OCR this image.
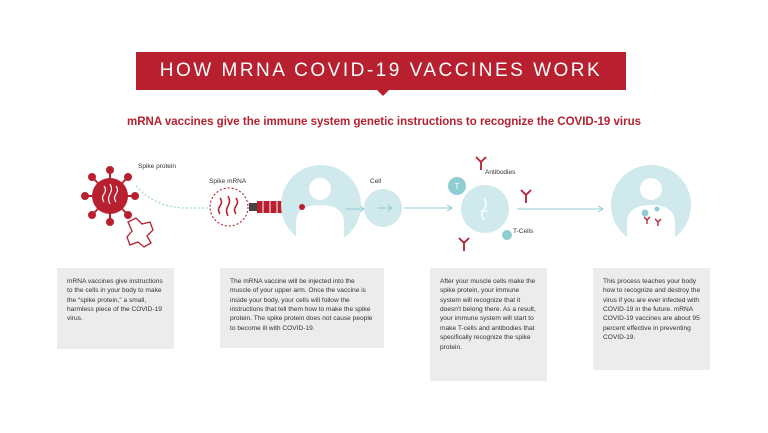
HOW MRNA COVID-19 VACCINES WORK
mRNA vaccines give the immune system genetic instructions to recognize the COVID-19 virus
T
Spike protein
Spike mRNA	Cell
Antibodies
T-Cells
mRNA vaccines give instructions to the cells in your body to make the “spike protein,” a small, harmless piece of the COVID-19 virus.
The mRNA vaccine will be injected into the muscle of your upper arm. Once the vaccine is inside your body, your cells will follow the instructions that tell them how to make the spike protein. The spike protein does not cause people to become ill with COVID-19.
After your muscle cells make the spike protein, your immune system will recognize that it doesn't belong there. As a result, your immune system will start to make T-cells and antibodies that specifically recognize the spike protein.
This process teaches your body how to recognize and destroy the virus if you are ever infected with COVID-19 in the future. mRNA COVID-19 vaccines are about 95 percent effective in preventing COVID-19.
